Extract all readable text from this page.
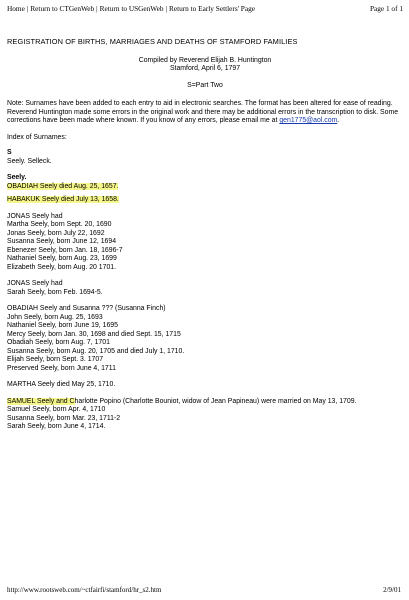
Home | Return to CTGenWeb | Return to USGenWeb | Return to Early Settlers' Page	Page 1 of 1
REGISTRATION OF BIRTHS, MARRIAGES AND DEATHS OF STAMFORD FAMILIES
Compiled by Reverend Elijah B. Huntington
Stamford, April 6, 1797
S=Part Two

Note: Surnames have been added to each entry to aid in electronic searches. The format has been altered for ease of reading. Reverend Huntington made some errors in the original work and there may be additional errors in the transcription to disk. Some corrections have been made where known. If you know of any errors, please email me at gen1775@aol.com.

Index of Surnames:
S
Seely. Selleck.
Seely.
OBADIAH Seely died Aug. 25, 1657.
HABAKUK Seely died July 13, 1658.
JONAS Seely had
Martha Seely, born Sept. 20, 1690
Jonas Seely, born July 22, 1692
Susanna Seely, born June 12, 1694
Ebenezer Seely, born Jan. 18, 1696-7
Nathaniel Seely, born Aug. 23, 1699
Elizabeth Seely, born Aug. 20 1701.
JONAS Seely had
Sarah Seely, born Feb. 1694-5.
OBADIAH Seely and Susanna ??? (Susanna Finch)
John Seely, born Aug. 25, 1693
Nathaniel Seely, born June 19, 1695
Mercy Seely, born Jan. 30, 1698 and died Sept. 15, 1715
Obadiah Seely, born Aug. 7, 1701
Susanna Seely, born Aug. 20, 1705 and died July 1, 1710.
Elijah Seely, born Sept. 3. 1707
Preserved Seely, born June 4, 1711
MARTHA Seely died May 25, 1710.
SAMUEL Seely and Charlotte Popino (Charlotte Bouniot, widow of Jean Papineau) were married on May 13, 1709.
Samuel Seely, born Apr. 4, 1710
Susanna Seely, born Mar. 23, 1711-2
Sarah Seely, born June 4, 1714.
http://www.rootsweb.com/~ctfairfi/stamford/hr_s2.htm	2/9/01
